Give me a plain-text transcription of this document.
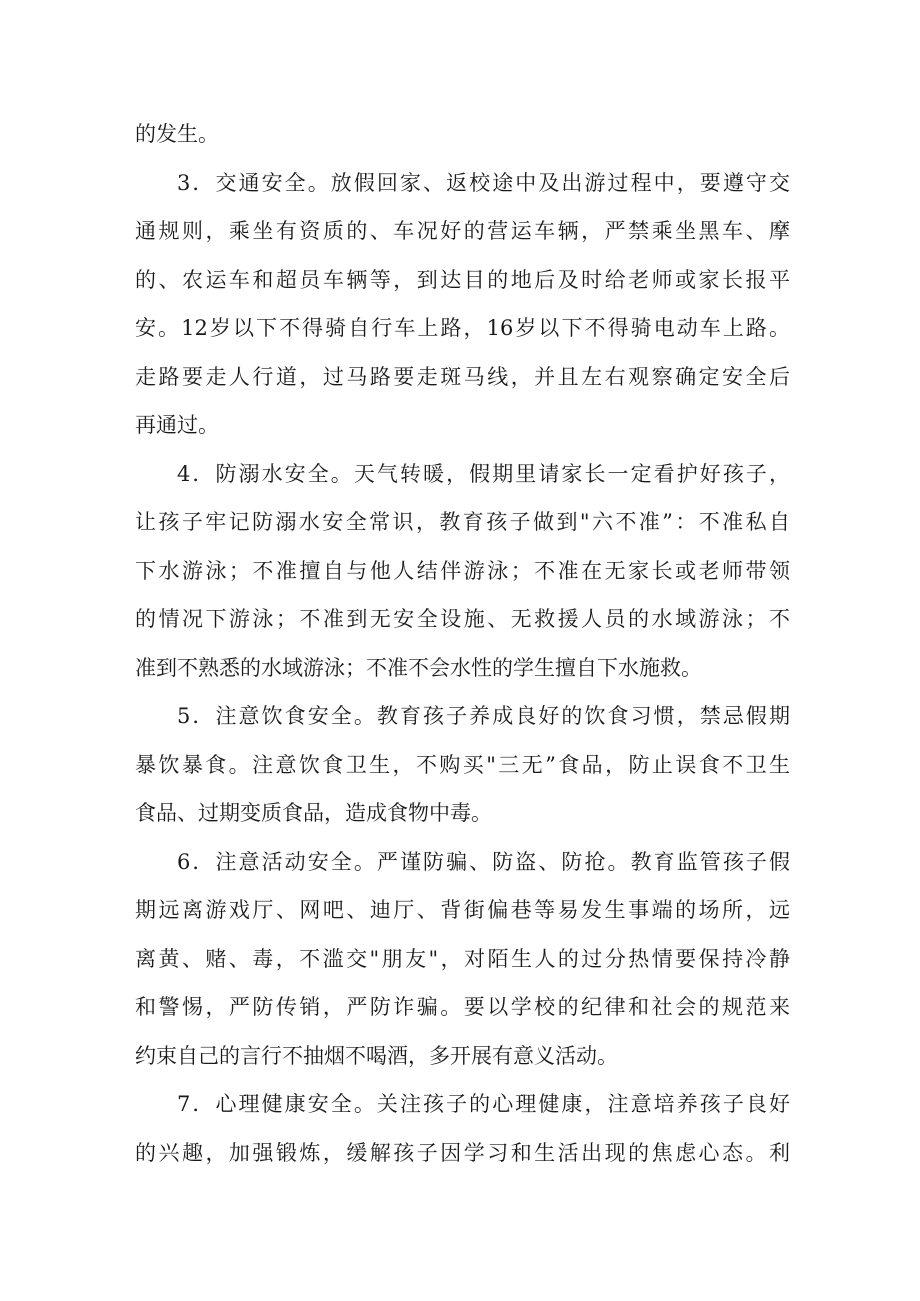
的发生。
3．交通安全。放假回家、返校途中及出游过程中，要遵守交
通规则，乘坐有资质的、车况好的营运车辆，严禁乘坐黑车、摩
的、农运车和超员车辆等，到达目的地后及时给老师或家长报平
安。12岁以下不得骑自行车上路，16岁以下不得骑电动车上路。
走路要走人行道，过马路要走斑马线，并且左右观察确定安全后
再通过。
4．防溺水安全。天气转暖，假期里请家长一定看护好孩子，
让孩子牢记防溺水安全常识，教育孩子做到"六不准”：不准私自
下水游泳；不准擅自与他人结伴游泳；不准在无家长或老师带领
的情况下游泳；不准到无安全设施、无救援人员的水域游泳；不
准到不熟悉的水域游泳；不准不会水性的学生擅自下水施救。
5．注意饮食安全。教育孩子养成良好的饮食习惯，禁忌假期
暴饮暴食。注意饮食卫生，不购买"三无”食品，防止误食不卫生
食品、过期变质食品，造成食物中毒。
6．注意活动安全。严谨防骗、防盗、防抢。教育监管孩子假
期远离游戏厅、网吧、迪厅、背街偏巷等易发生事端的场所，远
离黄、赌、毒，不滥交"朋友"，对陌生人的过分热情要保持冷静
和警惕，严防传销，严防诈骗。要以学校的纪律和社会的规范来
约束自己的言行不抽烟不喝酒，多开展有意义活动。
7．心理健康安全。关注孩子的心理健康，注意培养孩子良好
的兴趣，加强锻炼，缓解孩子因学习和生活出现的焦虑心态。利
